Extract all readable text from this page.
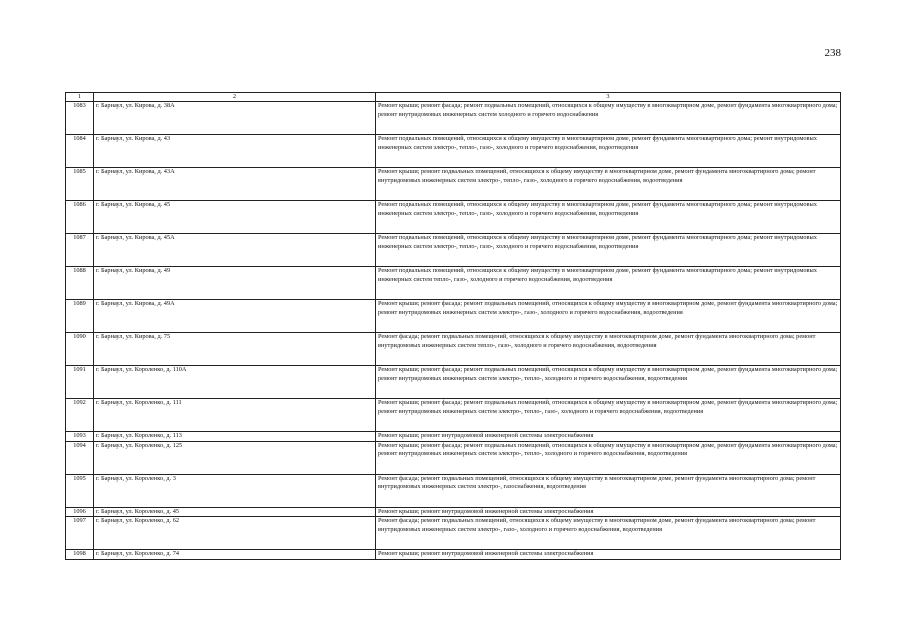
238
1	2	3
1083	г. Барнаул, ул. Кирова, д. 38А	Ремонт крыши; ремонт фасада; ремонт подвальных помещений, относящихся к общему имуществу в многоквартирном доме, ремонт фундамента многоквартирного дома; ремонт внутридомовых инженерных систем холодного и горячего водоснабжения
1084	г. Барнаул, ул. Кирова, д. 43	Ремонт подвальных помещений, относящихся к общему имуществу в многоквартирном доме, ремонт фундамента многоквартирного дома; ремонт внутридомовых инженерных систем электро-, тепло-, газо-, холодного и горячего водоснабжения, водоотведения
1085	г. Барнаул, ул. Кирова, д. 43А	Ремонт крыши; ремонт подвальных помещений, относящихся к общему имуществу в многоквартирном доме, ремонт фундамента многоквартирного дома; ремонт внутридомовых инженерных систем электро-, тепло-, газо-, холодного и горячего водоснабжения, водоотведения
1086	г. Барнаул, ул. Кирова, д. 45	Ремонт подвальных помещений, относящихся к общему имуществу в многоквартирном доме, ремонт фундамента многоквартирного дома; ремонт внутридомовых инженерных систем электро-, тепло-, газо-, холодного и горячего водоснабжения, водоотведения
1087	г. Барнаул, ул. Кирова, д. 45А	Ремонт подвальных помещений, относящихся к общему имуществу в многоквартирном доме, ремонт фундамента многоквартирного дома; ремонт внутридомовых инженерных систем электро-, тепло-, газо-, холодного и горячего водоснабжения, водоотведения
1088	г. Барнаул, ул. Кирова, д. 49	Ремонт подвальных помещений, относящихся к общему имуществу в многоквартирном доме, ремонт фундамента многоквартирного дома; ремонт внутридомовых инженерных систем тепло-, газо-, холодного и горячего водоснабжения, водоотведения
1089	г. Барнаул, ул. Кирова, д. 49А	Ремонт крыши; ремонт фасада; ремонт подвальных помещений, относящихся к общему имуществу в многоквартирном доме, ремонт фундамента многоквартирного дома; ремонт внутридомовых инженерных систем электро-, газо-, холодного и горячего водоснабжения, водоотведения
1090	г. Барнаул, ул. Кирова, д. 75	Ремонт фасада; ремонт подвальных помещений, относящихся к общему имуществу в многоквартирном доме, ремонт фундамента многоквартирного дома; ремонт внутридомовых инженерных систем тепло-, газо-, холодного и горячего водоснабжения, водоотведения
1091	г. Барнаул, ул. Короленко, д. 110А	Ремонт крыши; ремонт фасада; ремонт подвальных помещений, относящихся к общему имуществу в многоквартирном доме, ремонт фундамента многоквартирного дома; ремонт внутридомовых инженерных систем электро-, тепло-, холодного и горячего водоснабжения, водоотведения
1092	г. Барнаул, ул. Короленко, д. 111	Ремонт крыши; ремонт фасада; ремонт подвальных помещений, относящихся к общему имуществу в многоквартирном доме, ремонт фундамента многоквартирного дома; ремонт внутридомовых инженерных систем электро-, тепло-, газо-, холодного и горячего водоснабжения, водоотведения
1093	г. Барнаул, ул. Короленко, д. 113	Ремонт крыши; ремонт внутридомовой инженерной системы электроснабжения
1094	г. Барнаул, ул. Короленко, д. 125	Ремонт крыши; ремонт фасада; ремонт подвальных помещений, относящихся к общему имуществу в многоквартирном доме, ремонт фундамента многоквартирного дома; ремонт внутридомовых инженерных систем электро-, тепло-, холодного и горячего водоснабжения, водоотведения
1095	г. Барнаул, ул. Короленко, д. 3	Ремонт фасада; ремонт подвальных помещений, относящихся к общему имуществу в многоквартирном доме, ремонт фундамента многоквартирного дома; ремонт внутридомовых инженерных систем электро-, газоснабжения, водоотведения
1096	г. Барнаул, ул. Короленко, д. 45	Ремонт крыши; ремонт внутридомовой инженерной системы электроснабжения
1097	г. Барнаул, ул. Короленко, д. 62	Ремонт фасада; ремонт подвальных помещений, относящихся к общему имуществу в многоквартирном доме, ремонт фундамента многоквартирного дома; ремонт внутридомовых инженерных систем электро-, газо-, холодного и горячего водоснабжения, водоотведения
1098	г. Барнаул, ул. Короленко, д. 74	Ремонт крыши; ремонт внутридомовой инженерной системы электроснабжения
